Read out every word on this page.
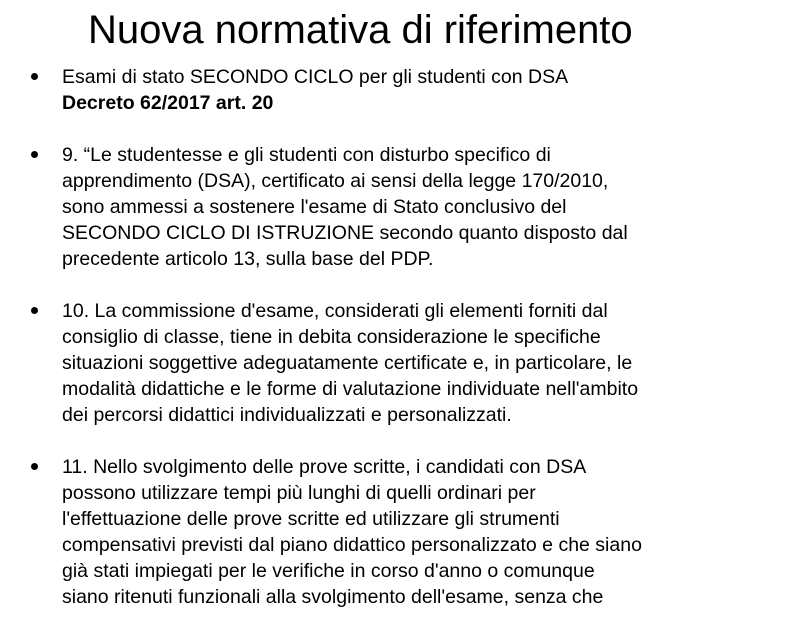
Nuova normativa di riferimento
Esami di stato SECONDO CICLO per gli studenti con DSA
Decreto 62/2017 art. 20
9. “Le studentesse e gli studenti con disturbo specifico di
apprendimento (DSA), certificato ai sensi della legge 170/2010,
sono ammessi a sostenere l'esame di Stato conclusivo del
SECONDO CICLO DI ISTRUZIONE secondo quanto disposto dal
precedente articolo 13, sulla base del PDP.
10. La commissione d'esame, considerati gli elementi forniti dal
consiglio di classe, tiene in debita considerazione le specifiche
situazioni soggettive adeguatamente certificate e, in particolare, le
modalità didattiche e le forme di valutazione individuate nell'ambito
dei percorsi didattici individualizzati e personalizzati.
11. Nello svolgimento delle prove scritte, i candidati con DSA
possono utilizzare tempi più lunghi di quelli ordinari per
l'effettuazione delle prove scritte ed utilizzare gli strumenti
compensativi previsti dal piano didattico personalizzato e che siano
già stati impiegati per le verifiche in corso d'anno o comunque
siano ritenuti funzionali alla svolgimento dell'esame, senza che
